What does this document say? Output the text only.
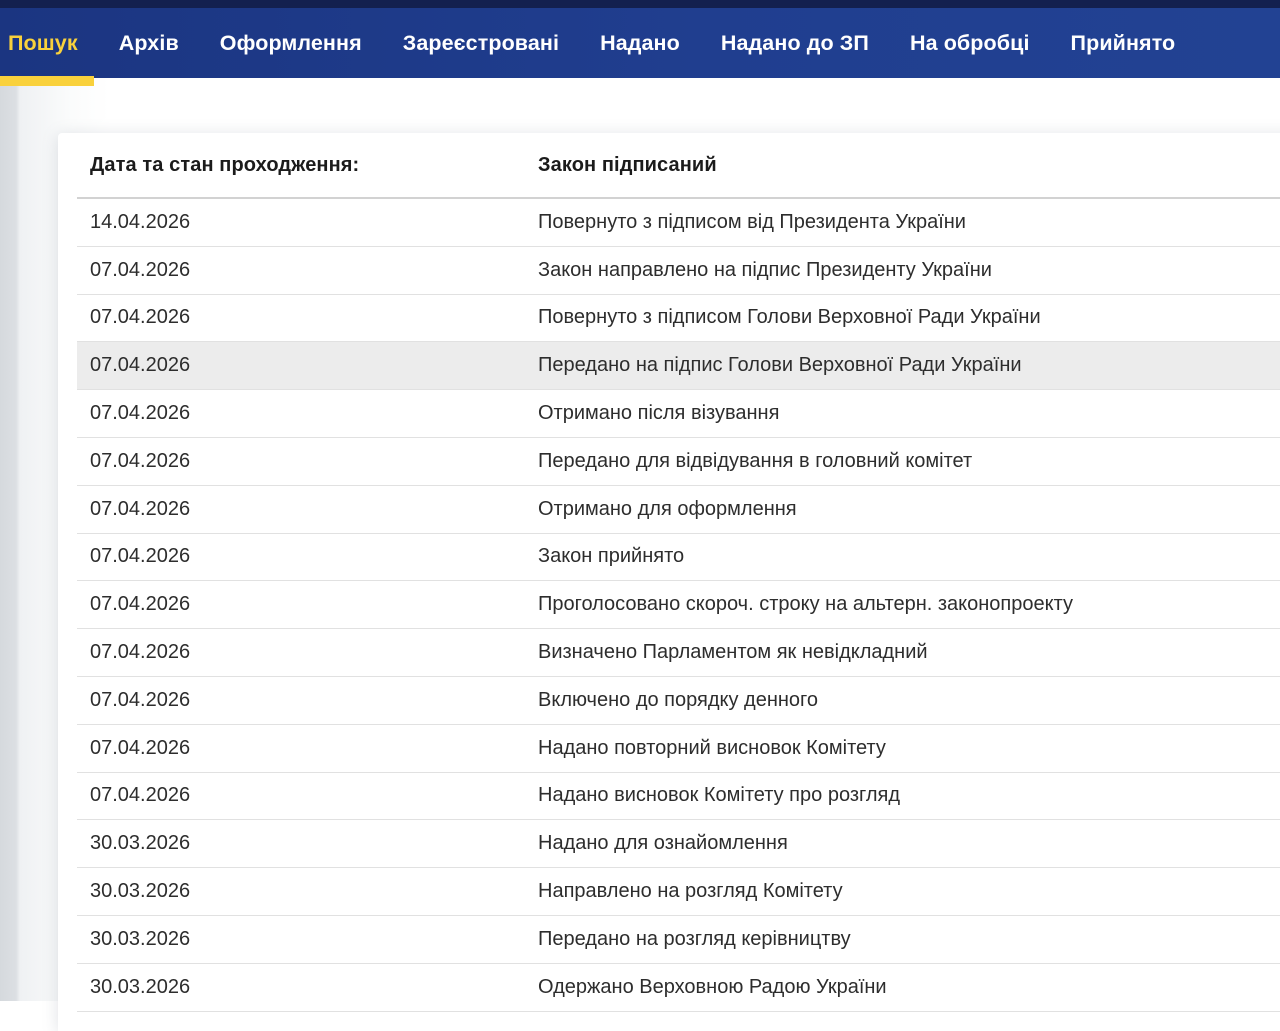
Пошук Архів Оформлення Зареєстровані Надано Надано до ЗП На обробці Прийнято
Дата та стан проходження:	Закон підписаний
14.04.2026	Повернуто з підписом від Президента України
07.04.2026	Закон направлено на підпис Президенту України
07.04.2026	Повернуто з підписом Голови Верховної Ради України
07.04.2026	Передано на підпис Голови Верховної Ради України
07.04.2026	Отримано після візування
07.04.2026	Передано для відвідування в головний комітет
07.04.2026	Отримано для оформлення
07.04.2026	Закон прийнято
07.04.2026	Проголосовано скороч. строку на альтерн. законопроекту
07.04.2026	Визначено Парламентом як невідкладний
07.04.2026	Включено до порядку денного
07.04.2026	Надано повторний висновок Комітету
07.04.2026	Надано висновок Комітету про розгляд
30.03.2026	Надано для ознайомлення
30.03.2026	Направлено на розгляд Комітету
30.03.2026	Передано на розгляд керівництву
30.03.2026	Одержано Верховною Радою України
